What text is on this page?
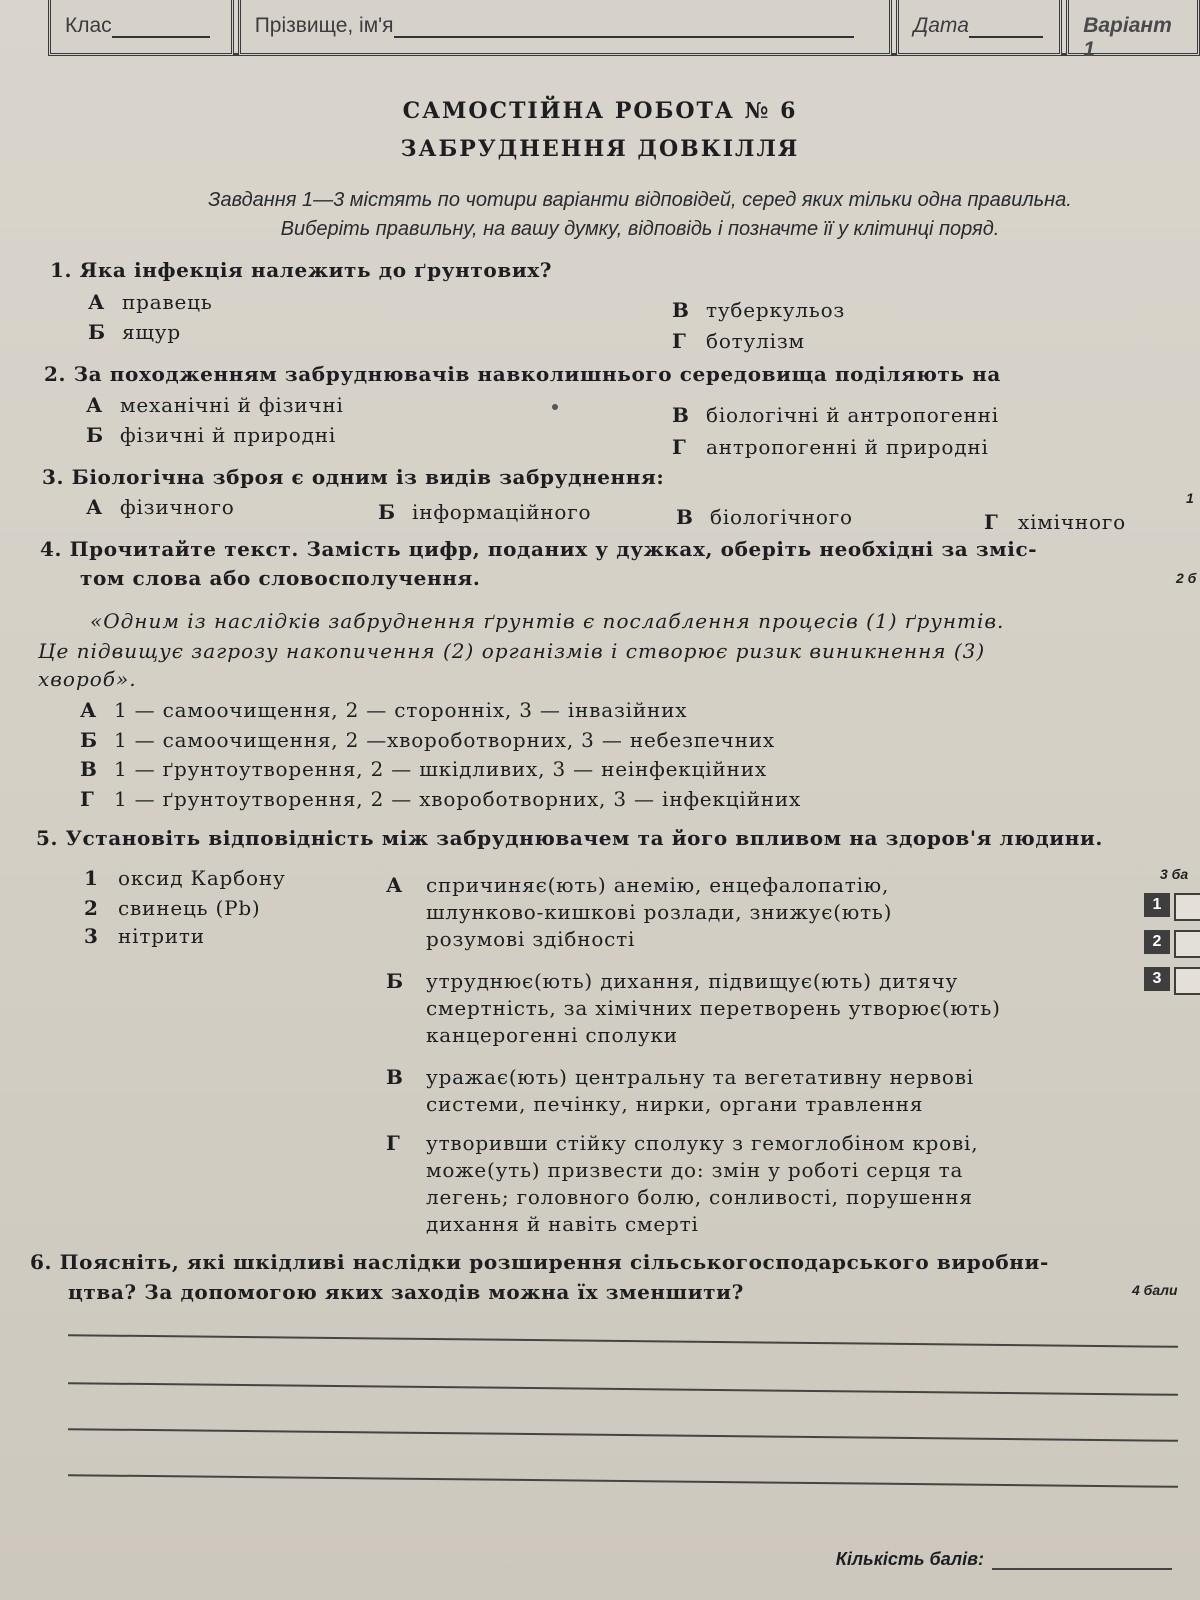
Клас	Прізвище, ім'я	Дата	Варіант 1
САМОСТІЙНА РОБОТА № 6
ЗАБРУДНЕННЯ ДОВКІЛЛЯ
Завдання 1—3 містять по чотири варіанти відповідей, серед яких тільки одна правильна.
Виберіть правильну, на вашу думку, відповідь і позначте її у клітинці поряд.
1. Яка інфекція належить до ґрунтових?
А правець
Б ящур
В туберкульоз
Г ботулізм
2. За походженням забруднювачів навколишнього середовища поділяють на
А механічні й фізичні
Б фізичні й природні
В біологічні й антропогенні
Г антропогенні й природні
3. Біологічна зброя є одним із видів забруднення:
А фізичного	Б інформаційного	В біологічного	Г хімічного
4. Прочитайте текст. Замість цифр, поданих у дужках, оберіть необхідні за зміс-
том слова або словосполучення.
«Одним із наслідків забруднення ґрунтів є послаблення процесів (1) ґрунтів.
Це підвищує загрозу накопичення (2) організмів і створює ризик виникнення (3)
хвороб».
А 1 — самоочищення, 2 — сторонніх, 3 — інвазійних
Б 1 — самоочищення, 2 —хвороботворних, 3 — небезпечних
В 1 — ґрунтоутворення, 2 — шкідливих, 3 — неінфекційних
Г 1 — ґрунтоутворення, 2 — хвороботворних, 3 — інфекційних
5. Установіть відповідність між забруднювачем та його впливом на здоров'я людини.
1 оксид Карбону
2 свинець (Pb)
3 нітрити
А спричиняє(ють) анемію, енцефалопатію,
шлунково-кишкові розлади, знижує(ють)
розумові здібності
Б утруднює(ють) дихання, підвищує(ють) дитячу
смертність, за хімічних перетворень утворює(ють)
канцерогенні сполуки
В уражає(ють) центральну та вегетативну нервові
системи, печінку, нирки, органи травлення
Г утворивши стійку сполуку з гемоглобіном крові,
може(уть) призвести до: змін у роботі серця та
легень; головного болю, сонливості, порушення
дихання й навіть смерті
1
2
3
6. Поясніть, які шкідливі наслідки розширення сільськогосподарського виробни-
цтва? За допомогою яких заходів можна їх зменшити?
1
2 б
3 ба
4 бали
Кількість балів:
